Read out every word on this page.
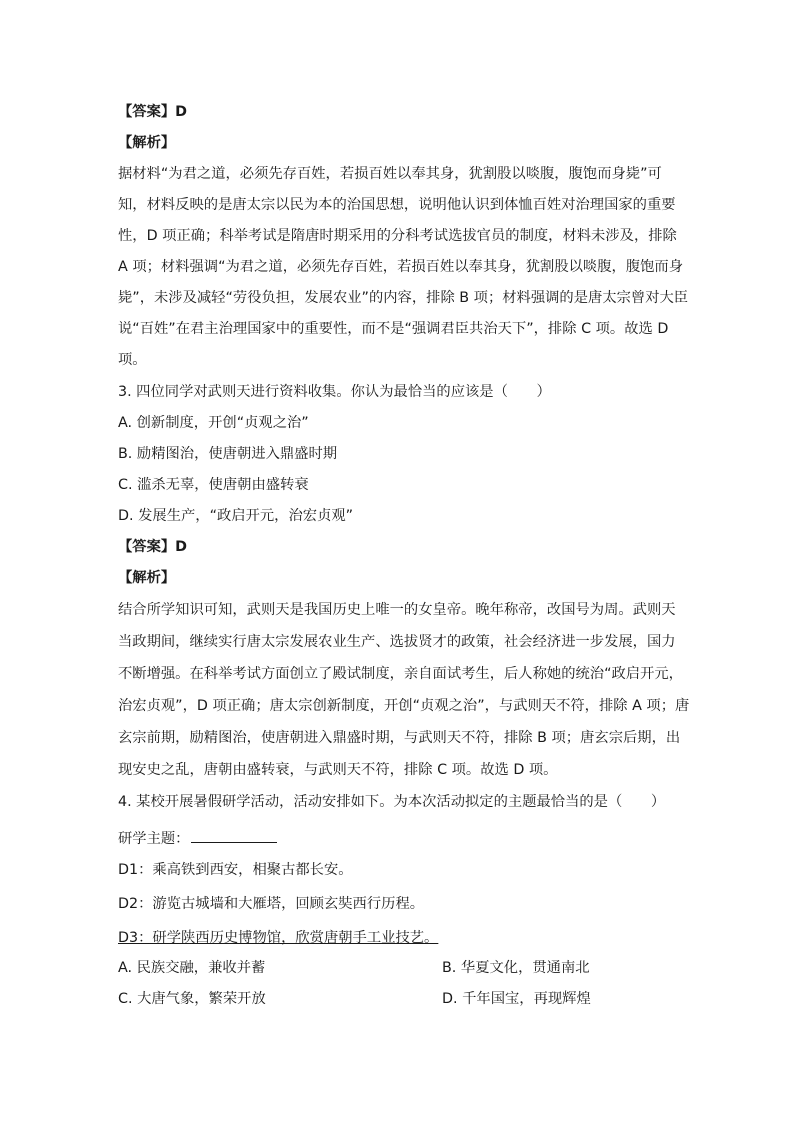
【答案】D
【解析】
据材料“为君之道，必须先存百姓，若损百姓以奉其身，犹割股以啖腹，腹饱而身毙”可
知，材料反映的是唐太宗以民为本的治国思想，说明他认识到体恤百姓对治理国家的重要
性，D 项正确；科举考试是隋唐时期采用的分科考试选拔官员的制度，材料未涉及，排除
A 项；材料强调“为君之道，必须先存百姓，若损百姓以奉其身，犹割股以啖腹，腹饱而身
毙”，未涉及减轻“劳役负担，发展农业”的内容，排除 B 项；材料强调的是唐太宗曾对大臣
说“百姓”在君主治理国家中的重要性，而不是“强调君臣共治天下”，排除 C 项。故选 D
项。
3. 四位同学对武则天进行资料收集。你认为最恰当的应该是（　　）
A. 创新制度，开创“贞观之治”
B. 励精图治，使唐朝进入鼎盛时期
C. 滥杀无辜，使唐朝由盛转衰
D. 发展生产，“政启开元，治宏贞观”
【答案】D
【解析】
结合所学知识可知，武则天是我国历史上唯一的女皇帝。晚年称帝，改国号为周。武则天
当政期间，继续实行唐太宗发展农业生产、选拔贤才的政策，社会经济进一步发展，国力
不断增强。在科举考试方面创立了殿试制度，亲自面试考生，后人称她的统治“政启开元，
治宏贞观”，D 项正确；唐太宗创新制度，开创“贞观之治”，与武则天不符，排除 A 项；唐
玄宗前期，励精图治，使唐朝进入鼎盛时期，与武则天不符，排除 B 项；唐玄宗后期，出
现安史之乱，唐朝由盛转衰，与武则天不符，排除 C 项。故选 D 项。
4. 某校开展暑假研学活动，活动安排如下。为本次活动拟定的主题最恰当的是（　　）
研学主题：
D1：乘高铁到西安，相聚古都长安。
D2：游览古城墙和大雁塔，回顾玄奘西行历程。
D3：研学陕西历史博物馆，欣赏唐朝手工业技艺。
A. 民族交融，兼收并蓄	B. 华夏文化，贯通南北
C. 大唐气象，繁荣开放	D. 千年国宝，再现辉煌
